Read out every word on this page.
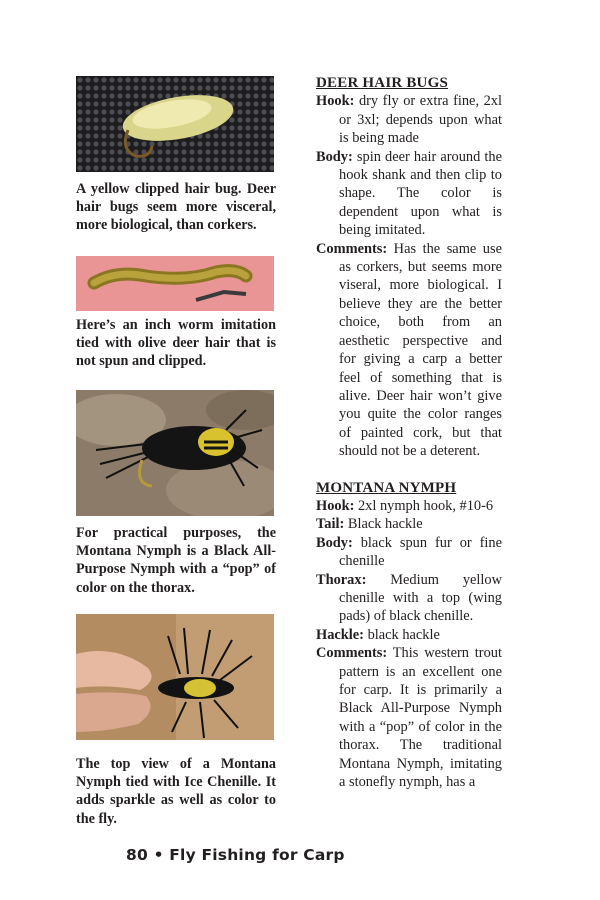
A yellow clipped hair bug. Deer hair bugs seem more visceral, more biological, than corkers.

Here’s an inch worm imitation tied with olive deer hair that is not spun and clipped.

For practical purposes, the Montana Nymph is a Black All-Purpose Nymph with a “pop” of color on the thorax.

The top view of a Montana Nymph tied with Ice Chenille. It adds sparkle as well as color to the fly.

DEER HAIR BUGS

Hook: dry fly or extra fine, 2xl or 3xl; depends upon what is being made

Body: spin deer hair around the hook shank and then clip to shape. The color is dependent upon what is being imitated.

Comments: Has the same use as corkers, but seems more viseral, more biological. I believe they are the better choice, both from an aesthetic perspective and for giving a carp a better feel of something that is alive. Deer hair won’t give you quite the color ranges of painted cork, but that should not be a deterent.

MONTANA NYMPH

Hook: 2xl nymph hook, #10-6

Tail: Black hackle

Body: black spun fur or fine chenille

Thorax: Medium yellow chenille with a top (wing pads) of black chenille.

Hackle: black hackle

Comments: This western trout pattern is an excellent one for carp. It is primarily a Black All-Purpose Nymph with a “pop” of color in the thorax. The traditional Montana Nymph, imitating a stonefly nymph, has a

80 • Fly Fishing for Carp
